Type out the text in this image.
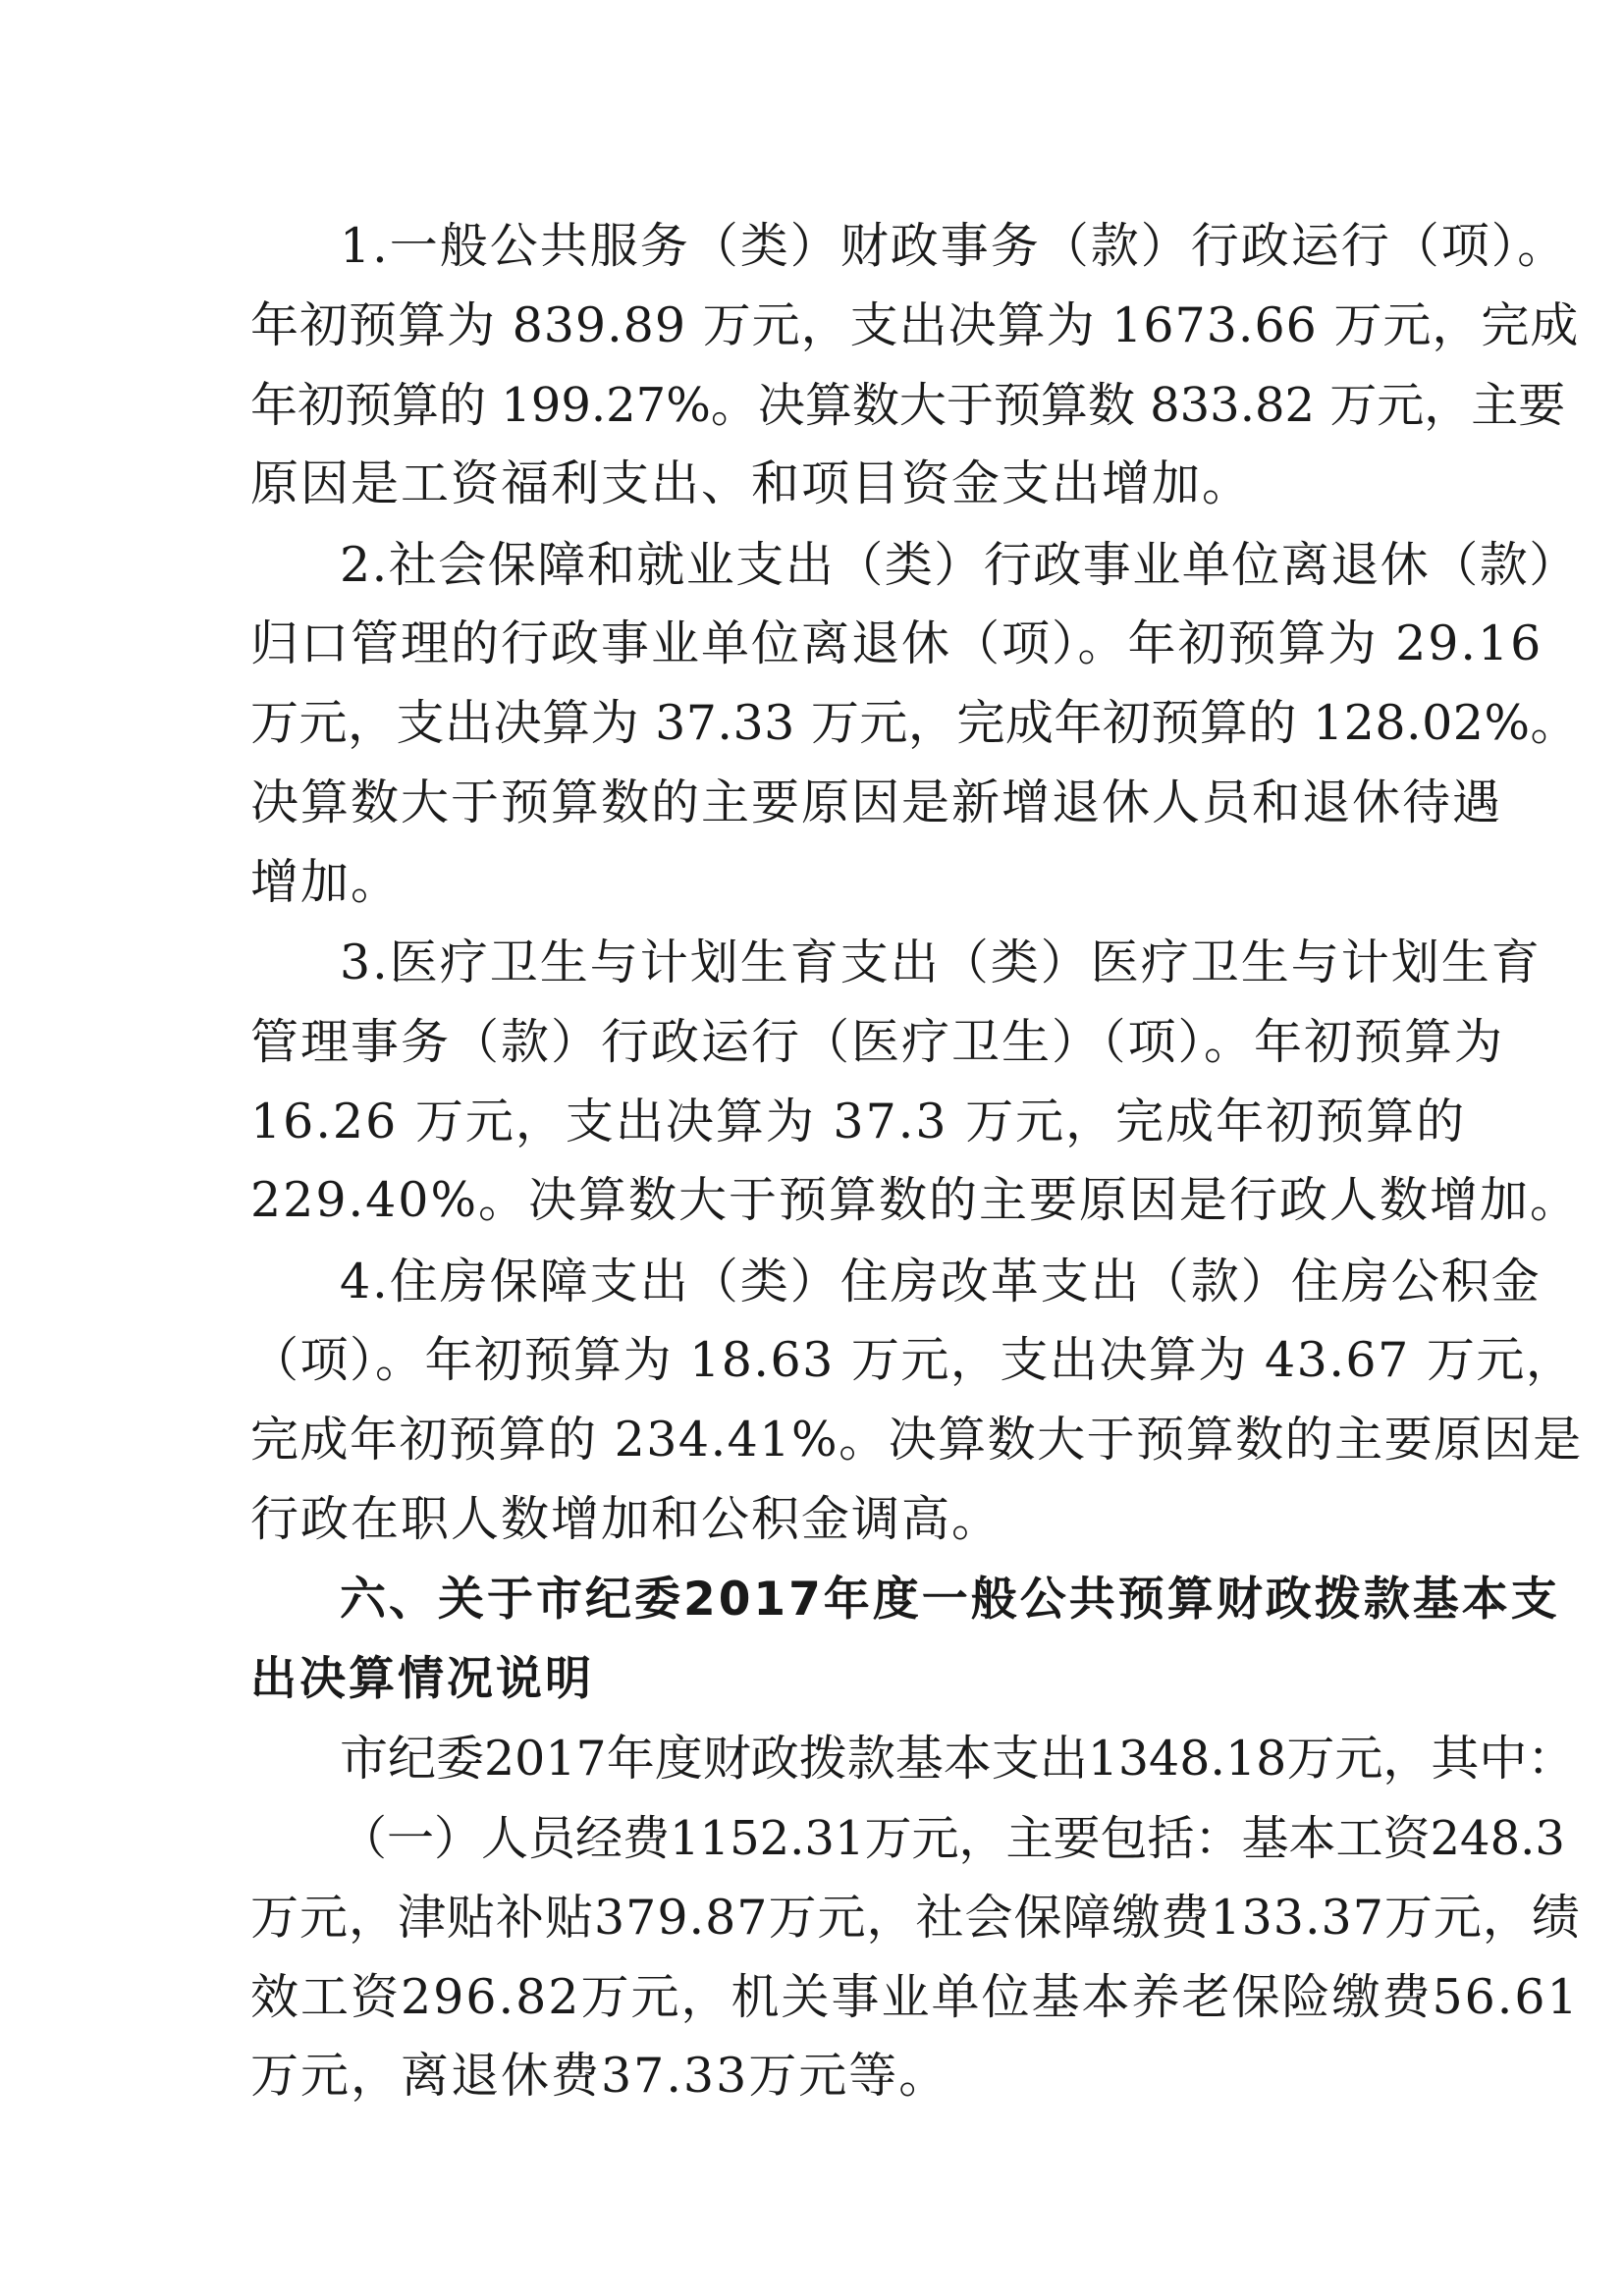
1.一般公共服务（类）财政事务（款）行政运行（项）。

年初预算为 839.89 万元，支出决算为 1673.66 万元，完成

年初预算的 199.27%。决算数大于预算数 833.82 万元，主要

原因是工资福利支出、和项目资金支出增加。

2.社会保障和就业支出（类）行政事业单位离退休（款）

归口管理的行政事业单位离退休（项）。年初预算为 29.16

万元，支出决算为 37.33 万元，完成年初预算的 128.02%。

决算数大于预算数的主要原因是新增退休人员和退休待遇

增加。

3.医疗卫生与计划生育支出（类）医疗卫生与计划生育

管理事务（款）行政运行（医疗卫生）（项）。年初预算为

16.26 万元，支出决算为 37.3 万元，完成年初预算的

229.40%。决算数大于预算数的主要原因是行政人数增加。

4.住房保障支出（类）住房改革支出（款）住房公积金

（项）。年初预算为 18.63 万元，支出决算为 43.67 万元，

完成年初预算的 234.41%。决算数大于预算数的主要原因是

行政在职人数增加和公积金调高。

六、关于市纪委2017年度一般公共预算财政拨款基本支

出决算情况说明

市纪委2017年度财政拨款基本支出1348.18万元，其中：

（一）人员经费1152.31万元，主要包括：基本工资248.3

万元，津贴补贴379.87万元，社会保障缴费133.37万元，绩

效工资296.82万元，机关事业单位基本养老保险缴费56.61

万元，离退休费37.33万元等。
